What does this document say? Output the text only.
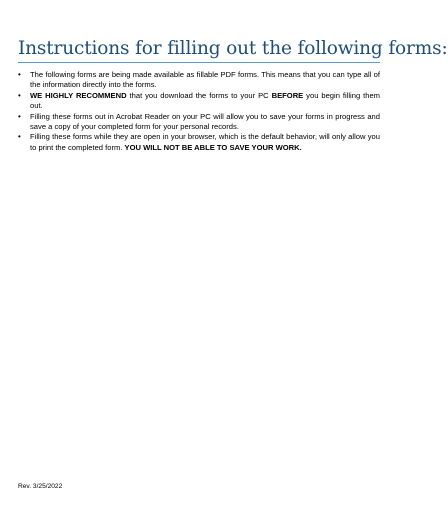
Instructions for filling out the following forms:
• The following forms are being made available as fillable PDF forms. This means that you can type all of the information directly into the forms.
• WE HIGHLY RECOMMEND that you download the forms to your PC BEFORE you begin filling them out.
• Filling these forms out in Acrobat Reader on your PC will allow you to save your forms in progress and save a copy of your completed form for your personal records.
• Filling these forms while they are open in your browser, which is the default behavior, will only allow you to print the completed form. YOU WILL NOT BE ABLE TO SAVE YOUR WORK.
Rev. 3/25/2022
